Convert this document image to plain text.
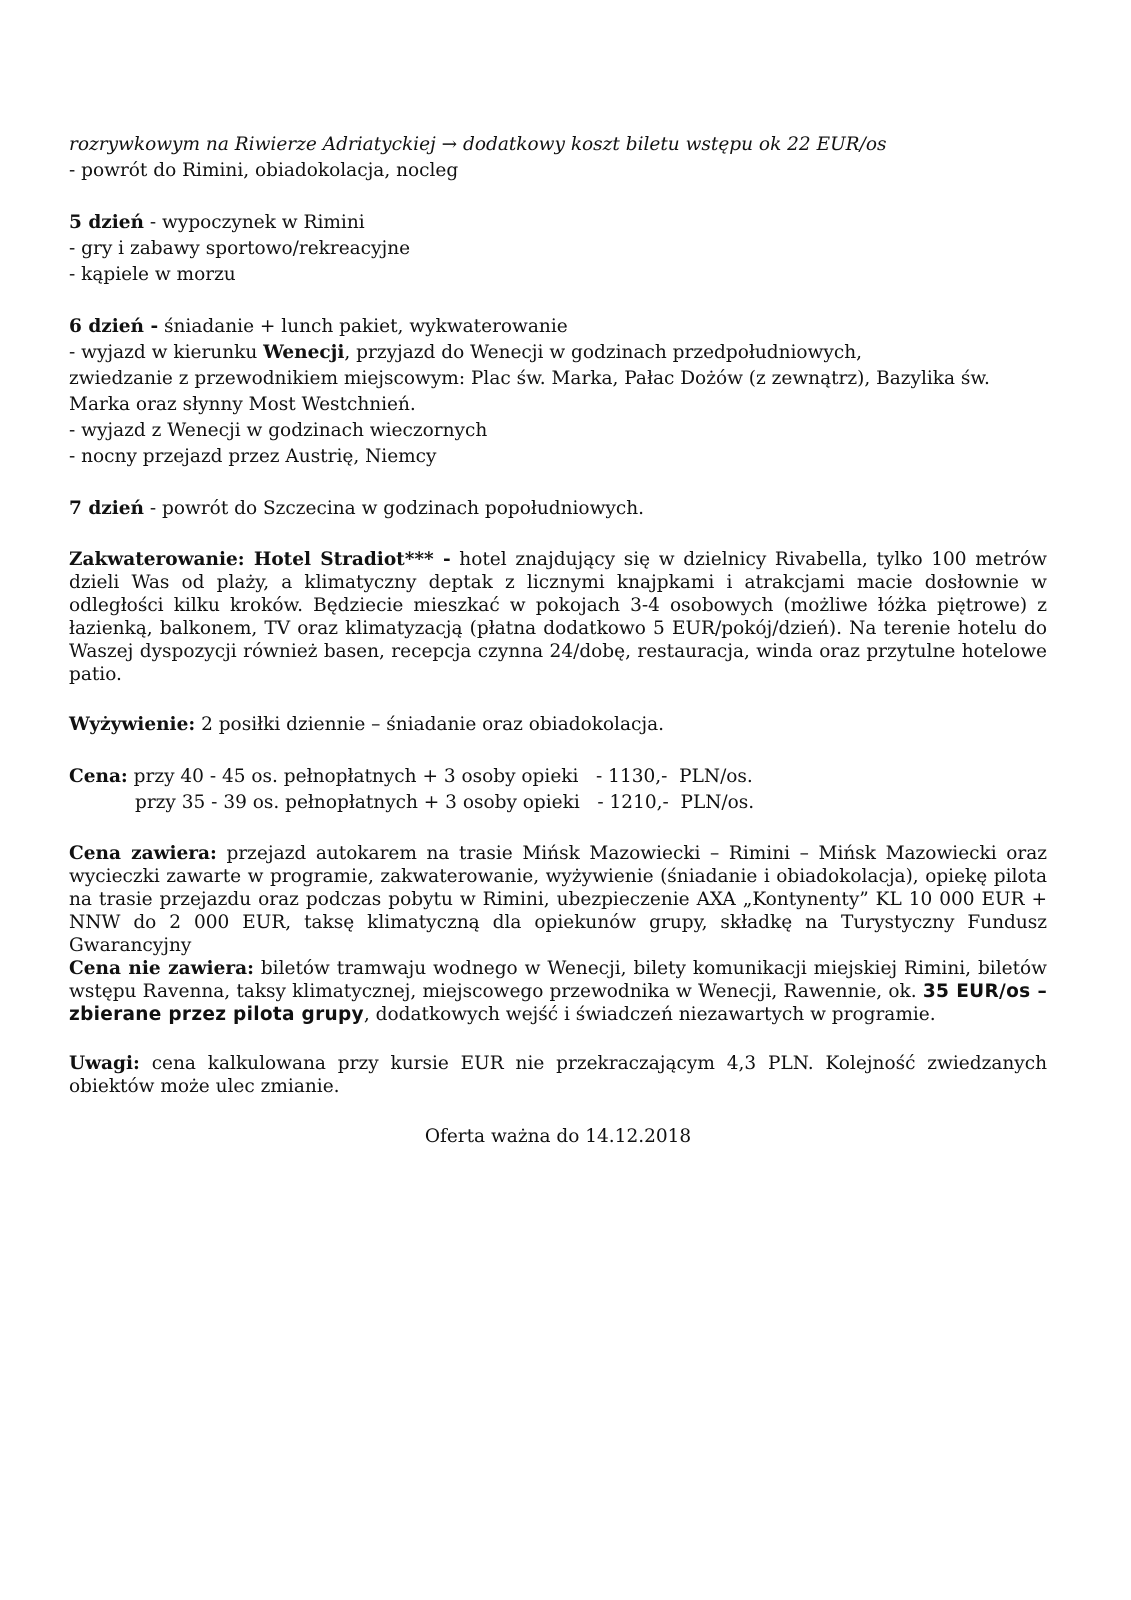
rozrywkowym na Riwierze Adriatyckiej → dodatkowy koszt biletu wstępu ok 22 EUR/os
- powrót do Rimini, obiadokolacja, nocleg
5 dzień - wypoczynek w Rimini
- gry i zabawy sportowo/rekreacyjne
- kąpiele w morzu
6 dzień - śniadanie + lunch pakiet, wykwaterowanie
- wyjazd w kierunku Wenecji, przyjazd do Wenecji w godzinach przedpołudniowych,
zwiedzanie z przewodnikiem miejscowym: Plac św. Marka, Pałac Dożów (z zewnątrz), Bazylika św.
Marka oraz słynny Most Westchnień.
- wyjazd z Wenecji w godzinach wieczornych
- nocny przejazd przez Austrię, Niemcy
7 dzień - powrót do Szczecina w godzinach popołudniowych.
Zakwaterowanie: Hotel Stradiot*** - hotel znajdujący się w dzielnicy Rivabella, tylko 100 metrów dzieli Was od plaży, a klimatyczny deptak z licznymi knajpkami i atrakcjami macie dosłownie w odległości kilku kroków. Będziecie mieszkać w pokojach 3-4 osobowych (możliwe łóżka piętrowe) z łazienką, balkonem, TV oraz klimatyzacją (płatna dodatkowo 5 EUR/pokój/dzień). Na terenie hotelu do Waszej dyspozycji również basen, recepcja czynna 24/dobę, restauracja, winda oraz przytulne hotelowe patio.
Wyżywienie: 2 posiłki dziennie – śniadanie oraz obiadokolacja.
Cena: przy 40 - 45 os. pełnopłatnych + 3 osoby opieki   - 1130,-  PLN/os.
przy 35 - 39 os. pełnopłatnych + 3 osoby opieki   - 1210,-  PLN/os.
Cena zawiera: przejazd autokarem na trasie Mińsk Mazowiecki – Rimini – Mińsk Mazowiecki oraz wycieczki zawarte w programie, zakwaterowanie, wyżywienie (śniadanie i obiadokolacja), opiekę pilota na trasie przejazdu oraz podczas pobytu w Rimini, ubezpieczenie AXA „Kontynenty” KL 10 000 EUR + NNW do 2 000 EUR, taksę klimatyczną dla opiekunów grupy, składkę na Turystyczny Fundusz Gwarancyjny
Cena nie zawiera: biletów tramwaju wodnego w Wenecji, bilety komunikacji miejskiej Rimini, biletów wstępu Ravenna, taksy klimatycznej, miejscowego przewodnika w Wenecji, Rawennie, ok. 35 EUR/os – zbierane przez pilota grupy, dodatkowych wejść i świadczeń niezawartych w programie.
Uwagi: cena kalkulowana przy kursie EUR nie przekraczającym 4,3 PLN. Kolejność zwiedzanych obiektów może ulec zmianie.
Oferta ważna do 14.12.2018
